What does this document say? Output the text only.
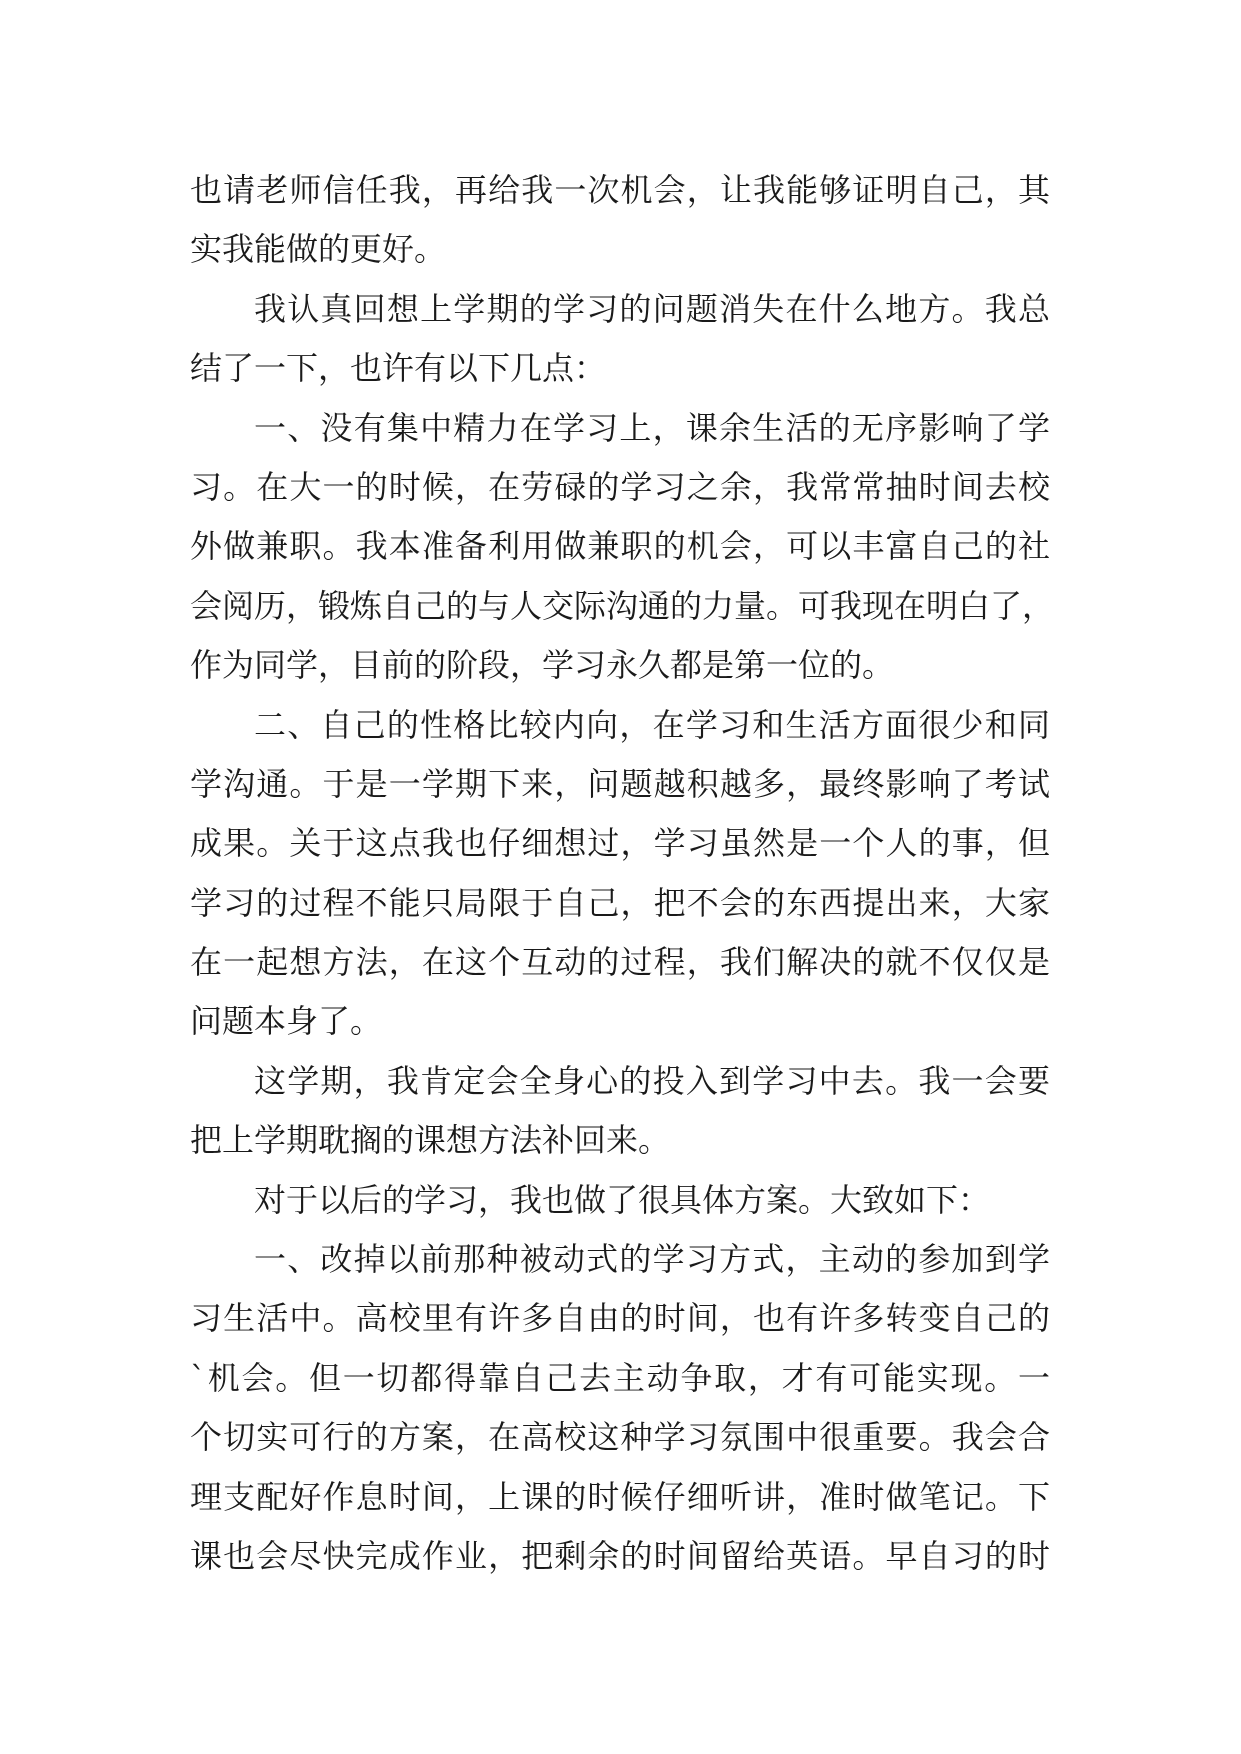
也请老师信任我，再给我一次机会，让我能够证明自己，其
实我能做的更好。
我认真回想上学期的学习的问题消失在什么地方。我总
结了一下，也许有以下几点：
一、没有集中精力在学习上，课余生活的无序影响了学
习。在大一的时候，在劳碌的学习之余，我常常抽时间去校
外做兼职。我本准备利用做兼职的机会，可以丰富自己的社
会阅历，锻炼自己的与人交际沟通的力量。可我现在明白了，
作为同学，目前的阶段，学习永久都是第一位的。
二、自己的性格比较内向，在学习和生活方面很少和同
学沟通。于是一学期下来，问题越积越多，最终影响了考试
成果。关于这点我也仔细想过，学习虽然是一个人的事，但
学习的过程不能只局限于自己，把不会的东西提出来，大家
在一起想方法，在这个互动的过程，我们解决的就不仅仅是
问题本身了。
这学期，我肯定会全身心的投入到学习中去。我一会要
把上学期耽搁的课想方法补回来。
对于以后的学习，我也做了很具体方案。大致如下：
一、改掉以前那种被动式的学习方式，主动的参加到学
习生活中。高校里有许多自由的时间，也有许多转变自己的
`机会。但一切都得靠自己去主动争取，才有可能实现。一
个切实可行的方案，在高校这种学习氛围中很重要。我会合
理支配好作息时间，上课的时候仔细听讲，准时做笔记。下
课也会尽快完成作业，把剩余的时间留给英语。早自习的时
